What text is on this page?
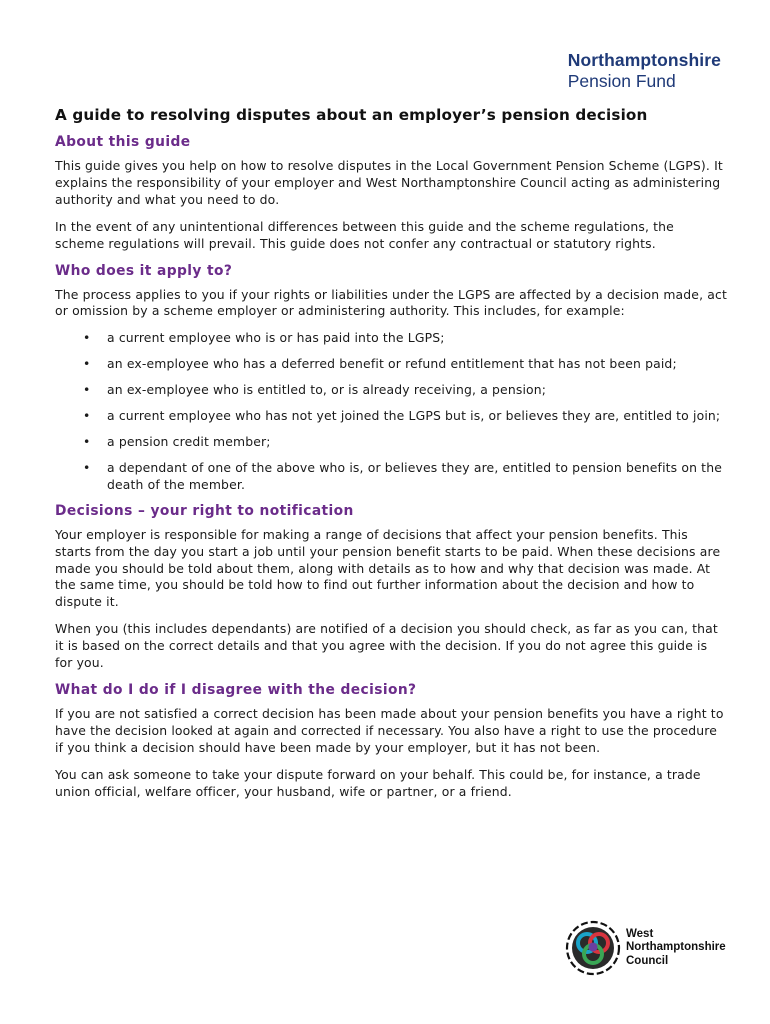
Northamptonshire
Pension Fund
A guide to resolving disputes about an employer’s pension decision
About this guide

This guide gives you help on how to resolve disputes in the Local Government Pension Scheme (LGPS). It explains the responsibility of your employer and West Northamptonshire Council acting as administering authority and what you need to do.

In the event of any unintentional differences between this guide and the scheme regulations, the scheme regulations will prevail. This guide does not confer any contractual or statutory rights.

Who does it apply to?

The process applies to you if your rights or liabilities under the LGPS are affected by a decision made, act or omission by a scheme employer or administering authority. This includes, for example:

• a current employee who is or has paid into the LGPS;
• an ex-employee who has a deferred benefit or refund entitlement that has not been paid;
• an ex-employee who is entitled to, or is already receiving, a pension;
• a current employee who has not yet joined the LGPS but is, or believes they are, entitled to join;
• a pension credit member;
• a dependant of one of the above who is, or believes they are, entitled to pension benefits on the death of the member.
Decisions – your right to notification

Your employer is responsible for making a range of decisions that affect your pension benefits. This starts from the day you start a job until your pension benefit starts to be paid. When these decisions are made you should be told about them, along with details as to how and why that decision was made. At the same time, you should be told how to find out further information about the decision and how to dispute it.

When you (this includes dependants) are notified of a decision you should check, as far as you can, that it is based on the correct details and that you agree with the decision. If you do not agree this guide is for you.

What do I do if I disagree with the decision?

If you are not satisfied a correct decision has been made about your pension benefits you have a right to have the decision looked at again and corrected if necessary. You also have a right to use the procedure if you think a decision should have been made by your employer, but it has not been.

You can ask someone to take your dispute forward on your behalf. This could be, for instance, a trade union official, welfare officer, your husband, wife or partner, or a friend.

West
Northamptonshire
Council
